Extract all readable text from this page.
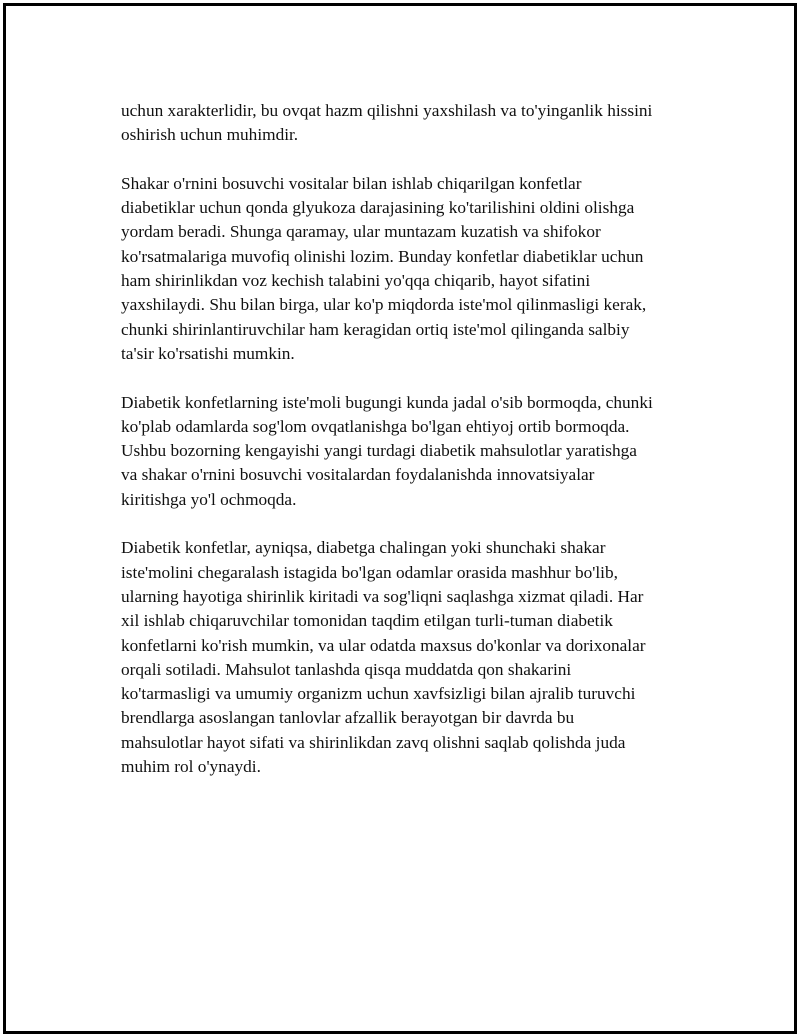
uchun xarakterlidir, bu ovqat hazm qilishni yaxshilash va to'yinganlik hissini
oshirish uchun muhimdir.

Shakar o'rnini bosuvchi vositalar bilan ishlab chiqarilgan konfetlar
diabetiklar uchun qonda glyukoza darajasining ko'tarilishini oldini olishga
yordam beradi. Shunga qaramay, ular muntazam kuzatish va shifokor
ko'rsatmalariga muvofiq olinishi lozim. Bunday konfetlar diabetiklar uchun
ham shirinlikdan voz kechish talabini yo'qqa chiqarib, hayot sifatini
yaxshilaydi. Shu bilan birga, ular ko'p miqdorda iste'mol qilinmasligi kerak,
chunki shirinlantiruvchilar ham keragidan ortiq iste'mol qilinganda salbiy
ta'sir ko'rsatishi mumkin.

Diabetik konfetlarning iste'moli bugungi kunda jadal o'sib bormoqda, chunki
ko'plab odamlarda sog'lom ovqatlanishga bo'lgan ehtiyoj ortib bormoqda.
Ushbu bozorning kengayishi yangi turdagi diabetik mahsulotlar yaratishga
va shakar o'rnini bosuvchi vositalardan foydalanishda innovatsiyalar
kiritishga yo'l ochmoqda.

Diabetik konfetlar, ayniqsa, diabetga chalingan yoki shunchaki shakar
iste'molini chegaralash istagida bo'lgan odamlar orasida mashhur bo'lib,
ularning hayotiga shirinlik kiritadi va sog'liqni saqlashga xizmat qiladi. Har
xil ishlab chiqaruvchilar tomonidan taqdim etilgan turli-tuman diabetik
konfetlarni ko'rish mumkin, va ular odatda maxsus do'konlar va dorixonalar
orqali sotiladi. Mahsulot tanlashda qisqa muddatda qon shakarini
ko'tarmasligi va umumiy organizm uchun xavfsizligi bilan ajralib turuvchi
brendlarga asoslangan tanlovlar afzallik berayotgan bir davrda bu
mahsulotlar hayot sifati va shirinlikdan zavq olishni saqlab qolishda juda
muhim rol o'ynaydi.
